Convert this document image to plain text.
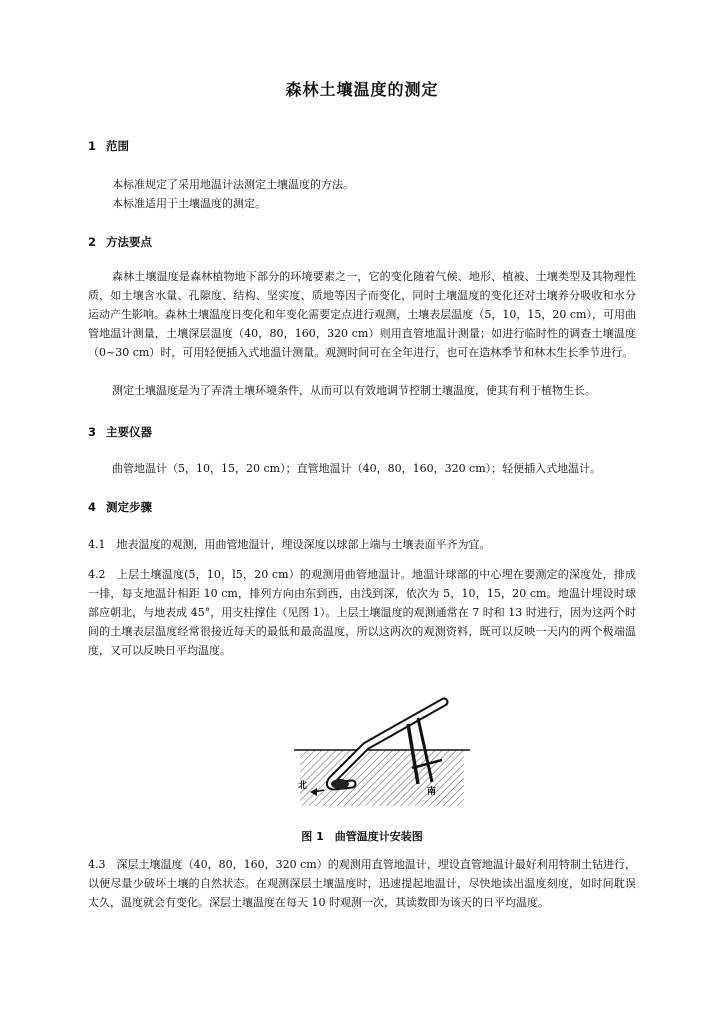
森林土壤温度的测定
1 范围
本标准规定了采用地温计法测定土壤温度的方法。
本标准适用于土壤温度的测定。
2 方法要点
森林土壤温度是森林植物地下部分的环境要素之一，它的变化随着气候、地形、植被、土壤类型及其物理性质，如土壤含水量、孔隙度、结构、坚实度、质地等因子而变化，同时土壤温度的变化还对土壤养分吸收和水分运动产生影响。森林土壤温度日变化和年变化需要定点进行观测，土壤表层温度（5，10，15，20 cm），可用曲管地温计测量，土壤深层温度（40，80，160，320 cm）则用直管地温计测量；如进行临时性的调查土壤温度（0~30 cm）时，可用轻便插入式地温计测量。观测时间可在全年进行，也可在造林季节和林木生长季节进行。
测定土壤温度是为了弄清土壤环境条件，从而可以有效地调节控制土壤温度，使其有利于植物生长。
3 主要仪器
曲管地温计（5，10，15，20 cm）；直管地温计（40，80，160，320 cm）；轻便插入式地温计。
4 测定步骤
4.1　地表温度的观测，用曲管地温计，埋设深度以球部上端与土壤表面平齐为宜。
4.2　上层土壤温度(5，10，l5，20 cm）的观测用曲管地温计。地温计球部的中心埋在要测定的深度处，排成一排，每支地温计相距 10 cm，排列方向由东到西，由浅到深，依次为 5，10，15，20 cm。地温计埋设时球部应朝北，与地表成 45°，用支柱撑住（见图 1）。上层土壤温度的观测通常在 7 时和 13 时进行，因为这两个时间的土壤表层温度经常很接近每天的最低和最高温度，所以这两次的观测资料，既可以反映一天内的两个极端温度，又可以反映日平均温度。
北
南
图 1　曲管温度计安装图
4.3　深层土壤温度（40，80，160，320 cm）的观测用直管地温计，埋设直管地温计最好利用特制土钻进行，以便尽量少破坏土壤的自然状态。在观测深层土壤温度时，迅速提起地温计，尽快地读出温度刻度，如时间耽误太久，温度就会有变化。深层土壤温度在每天 10 时观测一次，其读数即为该天的日平均温度。
